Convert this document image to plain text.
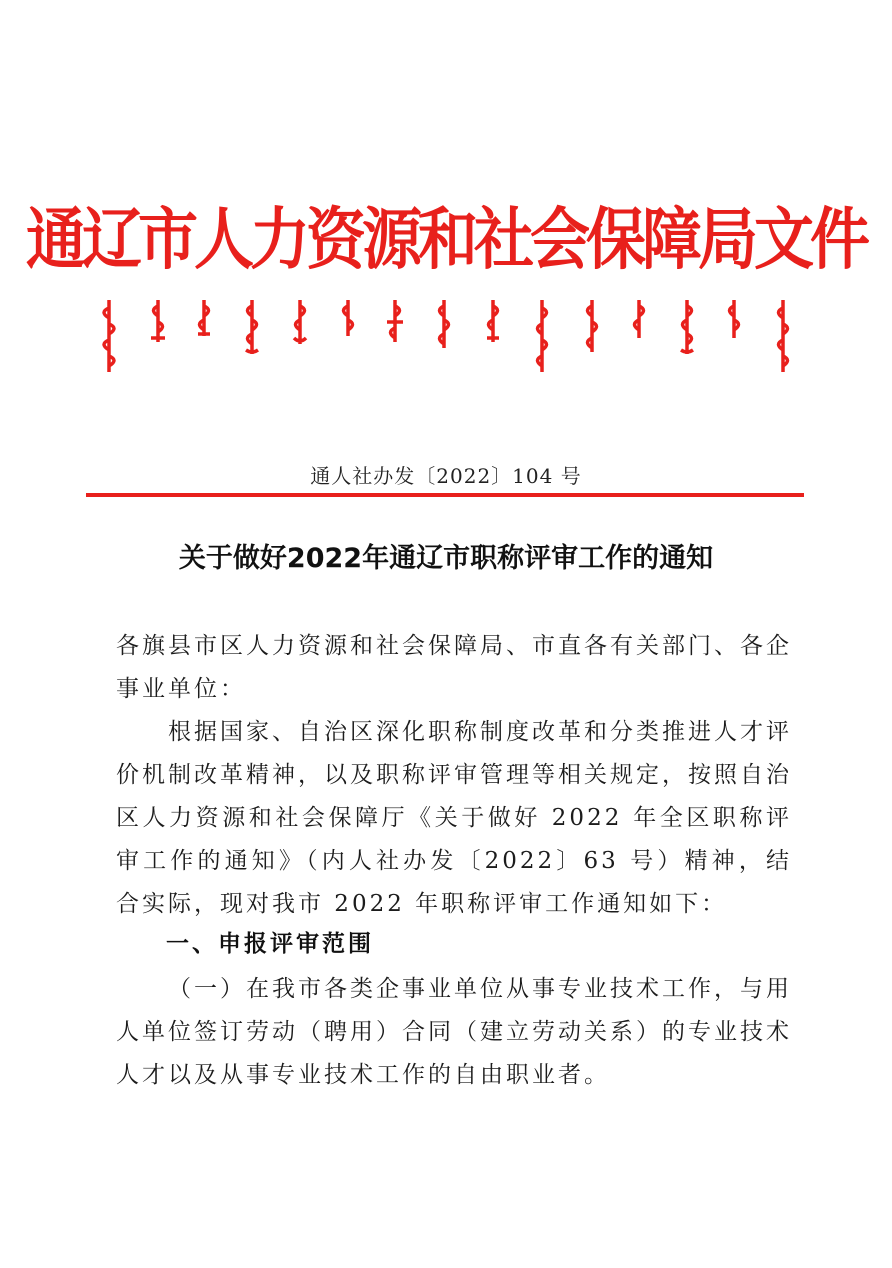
通辽市人力资源和社会保障局文件
通人社办发〔2022〕104 号
关于做好2022年通辽市职称评审工作的通知

各旗县市区人力资源和社会保障局、市直各有关部门、各企事业单位：

根据国家、自治区深化职称制度改革和分类推进人才评价机制改革精神，以及职称评审管理等相关规定，按照自治区人力资源和社会保障厅《关于做好 2022 年全区职称评审工作的通知》（内人社办发〔2022〕63 号）精神，结合实际，现对我市 2022 年职称评审工作通知如下：

一、申报评审范围

（一）在我市各类企事业单位从事专业技术工作，与用人单位签订劳动（聘用）合同（建立劳动关系）的专业技术人才以及从事专业技术工作的自由职业者。
